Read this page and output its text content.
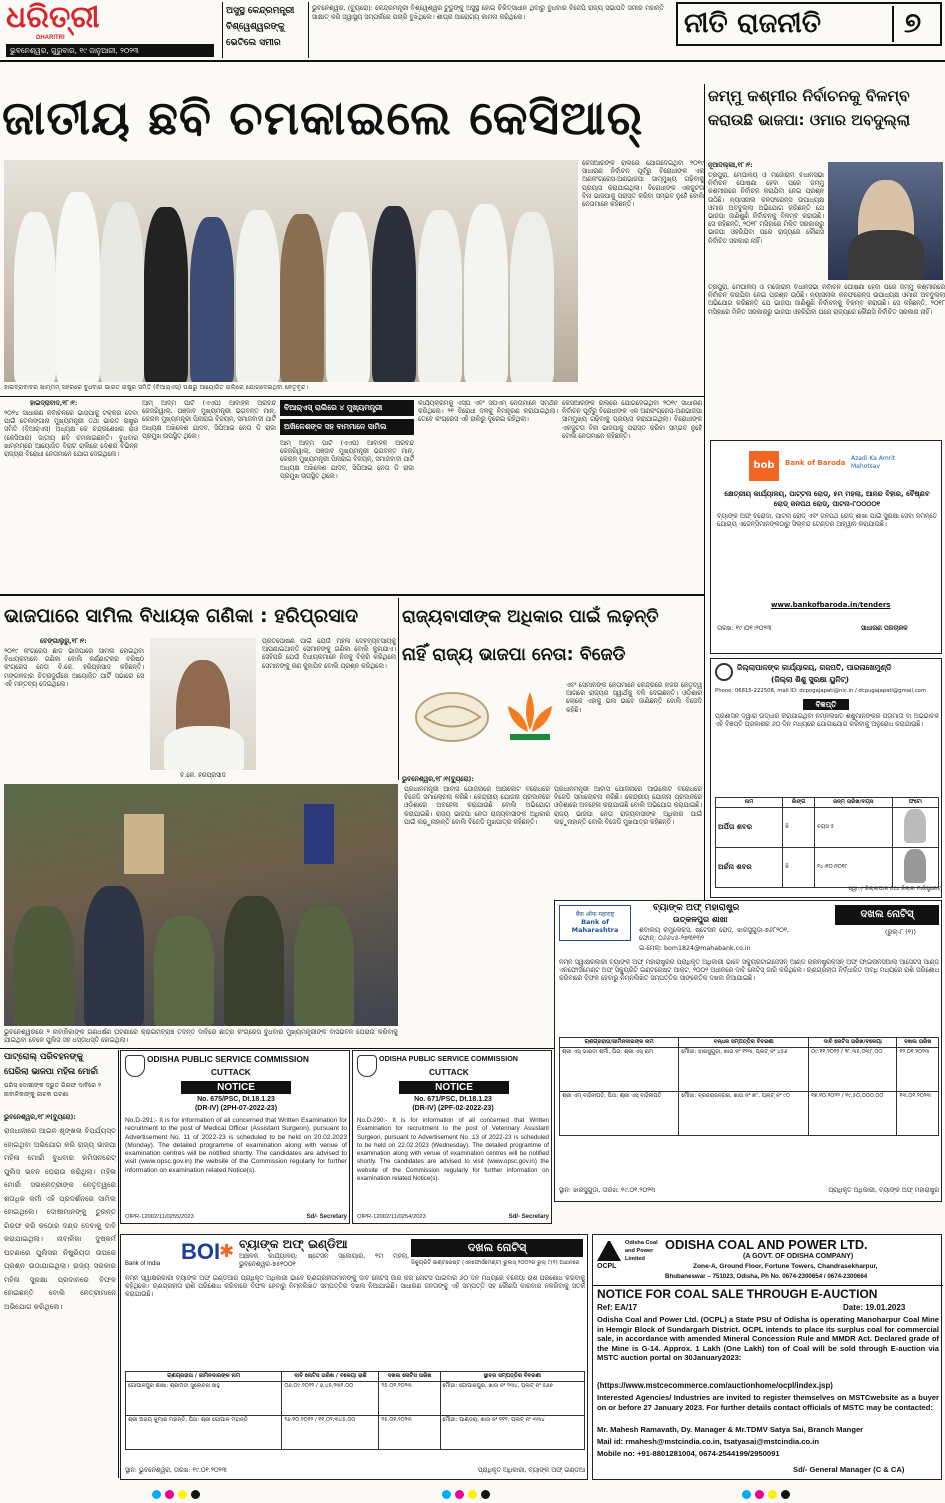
ଧରିତ୍ରୀ
DHARITRI
ଭୁବନେଶ୍ୱର, ଗୁରୁବାର, ୧୯ ଜାନୁଆରୀ, ୨୦୨୩
ଅସୁସ୍ଥ କେନ୍ଦ୍ରମନ୍ତ୍ରୀ
ବିଶ୍ୱେଶ୍ୱରଙ୍କୁ
ଭେଟିଲେ ସମୀର
ଭୁବନେଶ୍ୱର, (ବ୍ୟୁରୋ): କେନ୍ଦ୍ରମନ୍ତ୍ରୀ ବିଶ୍ୱେଶ୍ୱର ଟୁଡୁଙ୍କୁ ଅସୁସ୍ଥ ହୋଇ ଚିକିତ୍ସାଧୀନ ଥିବାରୁ ବୁଧବାର ବିଜେପି ରାଜ୍ୟ ସଭାପତି ସମୀର ମହାନ୍ତି ସାକ୍ଷାତ୍ କରି ସ୍ୱାସ୍ଥ୍ୟ ସମ୍ପର୍କରେ ପଚାରି ବୁଝିଥିଲେ। ଶୀଘ୍ର ଆରୋଗ୍ୟ କାମନା କରିଥିଲେ।	ନୀତି ରାଜନୀତି	୭
ଜାତୀୟ ଛବି ଚମକାଇଲେ କେସିଆର୍	ଜମ୍ମୁ କଶ୍ମୀର ନିର୍ବାଚନକୁ ବିଳମ୍ବ
କରାଉଛି ଭାଜପା: ଓମାର ଅବଦୁଲ୍ଲା
ନୂଆଦିଲ୍ଲୀ,୧୮।୧:
ତ୍ରିପୁରା, ମେଘାଳୟ ଓ ମିଜୋରାମ ବିଧାନସଭା ନିର୍ବାଚନ ଘୋଷଣା ହେବା ପରେ ଜମ୍ମୁ କଶ୍ମୀରରେ ନିର୍ବାଚନ କରାଯିବା ନେଇ ପ୍ରଶ୍ନ ଉଠିଛି। ନ୍ୟାସନାଲ କନଫରେନ୍ସ ଉପାଧ୍ୟକ୍ଷ ଓମାର ଅବଦୁଲ୍ଲା ଅଭିଯୋଗ କରିଛନ୍ତି ଯେ ଭାଜପା ଜାଣିଶୁଣି ନିର୍ବାଚନକୁ ବିଳମ୍ବ କରାଉଛି। ସେ କହିଛନ୍ତି, ୨୦୧୮ ମସିହାରେ ମିଳିତ ସରକାରରୁ ଭାଜପା ଓହରିଯିବା ପରେ ରାଜ୍ୟରେ କୌଣସି ନିର୍ବାଚିତ ସରକାର ନାହିଁ।
ତ୍ରିପୁରା, ମେଘାଳୟ ଓ ମିଜୋରାମ ବିଧାନସଭା ନିର୍ବାଚନ ଘୋଷଣା ହେବା ପରେ ଜମ୍ମୁ କଶ୍ମୀରରେ ନିର୍ବାଚନ କରାଯିବା ନେଇ ପ୍ରଶ୍ନ ଉଠିଛି। ନ୍ୟାସନାଲ କନଫରେନ୍ସ ଉପାଧ୍ୟକ୍ଷ ଓମାର ଅବଦୁଲ୍ଲା ଅଭିଯୋଗ କରିଛନ୍ତି ଯେ ଭାଜପା ଜାଣିଶୁଣି ନିର୍ବାଚନକୁ ବିଳମ୍ବ କରାଉଛି। ସେ କହିଛନ୍ତି, ୨୦୧୮ ମସିହାରେ ମିଳିତ ସରକାରରୁ ଭାଜପା ଓହରିଯିବା ପରେ ରାଜ୍ୟରେ କୌଣସି ନିର୍ବାଚିତ ସରକାର ନାହିଁ।
ହାଇଦ୍ରାବାଦର ଖାମ୍ମମ୍ ସହରରେ ବୁଧବାର ଭାରତ ରାଷ୍ଟ୍ର ସମିତି (ବିଆର୍‌ଏସ୍) ପକ୍ଷରୁ ଆୟୋଜିତ ରାଲିରେ ଯୋଗଦେଇଥିବା ନେତୃବୃନ୍ଦ।
କେସିଆରଙ୍କ ରାଲିରେ ଯୋଗଦେଇଥିବା ୨୦୧୯ ସାଧାରଣ ନିର୍ବାଚନ ପୂର୍ବରୁ ବିରୋଧୀଙ୍କ ଏକ ଅଣକଂଗ୍ରେସ-ଅଣଭାଜପା ସାମ୍ମୁଖ୍ୟ ଗଢ଼ିବାକୁ ପ୍ରୟାସ କରାଯାଇଥିଲା। ବିରୋଧୀଙ୍କ ଏକଜୁଟତା ବିନା ଭାଜପାକୁ ପରାସ୍ତ କରିବା ସମ୍ଭବ ନୁହେଁ ବୋଲି ନେତାମାନେ କହିଛନ୍ତି।
ହାଇଦ୍ରାବାଦ,୧୮।୧:
୨୦୨୪ ସାଧାରଣ ନିର୍ବାଚନରେ ଭାଜପାକୁ ଟକ୍କର ଦେବା ପାଇଁ ତେଲଙ୍ଗାନା ମୁଖ୍ୟମନ୍ତ୍ରୀ ତଥା ଭାରତ ରାଷ୍ଟ୍ର ସମିତି (ବିଆର୍‌ଏସ୍) ଅଧ୍ୟକ୍ଷ କେ ଚନ୍ଦ୍ରଶେଖର ରାଓ (କେସିଆର) ଜାତୀୟ ଛବି ଚମକାଇଛନ୍ତି। ବୁଧବାର ଖାମ୍ମମ୍‌ରେ ଆୟୋଜିତ ବିରାଟ ରାଲିରେ ଦେଶର ବିଭିନ୍ନ ରାଜ୍ୟର ବିରୋଧୀ ନେତାମାନେ ଯୋଗ ଦେଇଥିଲେ।
ଆମ୍‌ ଆଦ୍‌ମି ପାର୍ଟି (ଏଏପି) ଆବାହକ ଅରବିନ୍ଦ କେଜରିୱାଲ୍, ପଞ୍ଜାବ ମୁଖ୍ୟମନ୍ତ୍ରୀ ଭଗବନ୍ତ ମାନ୍, କେରଳ ମୁଖ୍ୟମନ୍ତ୍ରୀ ପିନାରାଇ ବିଜୟନ୍, ସମାଜବାଦୀ ପାର୍ଟି ଅଧ୍ୟକ୍ଷ ଅଖିଳେଶ ଯାଦବ, ସିପିଆଇ ନେତା ଡି ରାଜା ପ୍ରମୁଖ ଉପସ୍ଥିତ ଥିଲେ।
ବିଆର୍‌ଏସ୍ ରାଲିରେ ୪ ମୁଖ୍ୟମନ୍ତ୍ରୀ
ଅଖିଳେଶଙ୍କ ସହ ବାମମାନେ ସାମିଲ
ଆମ୍‌ ଆଦ୍‌ମି ପାର୍ଟି (ଏଏପି) ଆବାହକ ଅରବିନ୍ଦ କେଜରିୱାଲ୍, ପଞ୍ଜାବ ମୁଖ୍ୟମନ୍ତ୍ରୀ ଭଗବନ୍ତ ମାନ୍, କେରଳ ମୁଖ୍ୟମନ୍ତ୍ରୀ ପିନାରାଇ ବିଜୟନ୍, ସମାଜବାଦୀ ପାର୍ଟି ଅଧ୍ୟକ୍ଷ ଅଖିଳେଶ ଯାଦବ, ସିପିଆଇ ନେତା ଡି ରାଜା ପ୍ରମୁଖ ଉପସ୍ଥିତ ଥିଲେ।
କାର୍ଯ୍ୟକ୍ରମକୁ ଏସ୍‌ପି ଏବଂ ସିପିଏମ୍ ନେତାମାନେ ସମର୍ଥନ କରିଥିଲେ। ୨୧ ବିରୋଧୀ ଦଳକୁ ନିମନ୍ତ୍ରଣ କରାଯାଇଥିଲା। ତେବେ କଂଗ୍ରେସ ଏହି ରାଲିରୁ ଦୂରେଇ ରହିଥିଲା।
କେସିଆରଙ୍କ ରାଲିରେ ଯୋଗଦେଇଥିବା ୨୦୧୯ ସାଧାରଣ ନିର୍ବାଚନ ପୂର୍ବରୁ ବିରୋଧୀଙ୍କ ଏକ ଅଣକଂଗ୍ରେସ-ଅଣଭାଜପା ସାମ୍ମୁଖ୍ୟ ଗଢ଼ିବାକୁ ପ୍ରୟାସ କରାଯାଇଥିଲା। ବିରୋଧୀଙ୍କ ଏକଜୁଟତା ବିନା ଭାଜପାକୁ ପରାସ୍ତ କରିବା ସମ୍ଭବ ନୁହେଁ ବୋଲି ନେତାମାନେ କହିଛନ୍ତି।
bob	Bank of Baroda
Azadi Ka Amrit Mahotsav
କ୍ଷେତ୍ରୀୟ କାର୍ଯ୍ୟାଳୟ, ପାଟ୍ଟନା ରୋଡ୍, ୫ମ ମହଲା, ଆନନ୍ଦ ବିହାର, ବୈଷ୍ଣବ ରୋଡ୍ ଜନପଥ ରୋଡ୍, ପାଟନା-୮୦୦୦୦୧
ବ୍ୟାଙ୍କ ଅଫ୍ ବରୋଦା, ପାଟନା ରୋଡ୍ ଏବଂ ଜନପଥ ରୋଡ୍ ଶାଖା ପାଇଁ ସୁରକ୍ଷା ସେବା ନିମନ୍ତେ ଯୋଗ୍ୟ ଏଜେନ୍ସିମାନଙ୍କଠାରୁ ସିଲ୍‌ବନ୍ଦ ଟେଣ୍ଡର ଆହ୍ୱାନ କରାଯାଉଛି।
www.bankofbaroda.in/tenders
ତାରିଖ: ୧୯।୦୧।୨୦୨୩	ସାଧାରଣ ପରିଚାଳକ
ଜିଲ୍ଲାପାଳଙ୍କ କାର୍ଯ୍ୟାଳୟ, ଗଜପତି, ପାରଳାଖେମୁଣ୍ଡି
(ଜିଲ୍ଲା ଶିଶୁ ସୁରକ୍ଷା ୟୁନିଟ୍)
Phone: 06815-222508, mail ID: dcpogajapati@nic.in / dcpugajapati@gmail.com
ବିଜ୍ଞପ୍ତି
ପ୍ରଶାସନ ଦ୍ୱାରା ଉଦ୍ଧାର କରାଯାଇଥିବା ନିମ୍ନଲିଖିତ ଶିଶୁମାନଙ୍କର ପିତାମାତା ବା ଅଭିଭାବକ ଏହି ବିଜ୍ଞପ୍ତି ପ୍ରକାଶର ୬୦ ଦିନ ମଧ୍ୟରେ ଯୋଗାଯୋଗ କରିବାକୁ ଅନୁରୋଧ କରାଯାଉଛି।
ନାମ	ଲିଙ୍ଗ	ଜନ୍ମ ତାରିଖ/ବୟସ	ଫଟୋ
ଅର୍ପିତା ଶବର	ଝି	ବୟସ ୫	

ଅର୍ଚ୍ଚନା ଶବର	ଝି	୨୪।୧୦।୨୦୧୮	
ସ୍ୱା:-/ ଜିଲ୍ଲାପାଳ ତଥା ଜିଲ୍ଲା ମାଜିଷ୍ଟ୍ରେଟ୍
ଭାଜପାରେ ସାମିଲ ବିଧାୟକ ଗଣିକା : ହରିପ୍ରସାଦ
ବେଙ୍ଗାଲୁରୁ,୧୮।୧:
୨୦୧୯ କଂଗ୍ରେସ ଛାଡ଼ି ଭାଜପାରେ ସାମିଲ ହୋଇଥିବା ବିଧାୟକମାନେ ଗଣିକା ବୋଲି କର୍ଣ୍ଣାଟକର ବରିଷ୍ଠ କଂଗ୍ରେସ ନେତା ବି.କେ. ହରିପ୍ରସାଦ କହିଛନ୍ତି। ମଙ୍ଗଳବାର ଚିତ୍ରଦୁର୍ଗରେ ଆୟୋଜିତ ପାର୍ଟି ସଭାରେ ସେ ଏହି ମନ୍ତବ୍ୟ ଦେଇଥିଲେ।
ବି.କେ. ହରିପ୍ରସାଦ
ପ୍ରତିପୋଷଣ ପାଇଁ ଯେଉଁ ମହିଳା ଦେହବ୍ୟବସାୟକୁ ଆପଣାଇଥାନ୍ତି ସେମାନଙ୍କୁ ଗଣିକା ବୋଲି କୁହାଯାଏ। ସେହିପରି ଯେଉଁ ବିଧାୟକମାନେ ନିଜକୁ ବିକ୍ରି କରିଥିଲେ ସେମାନଙ୍କୁ କଣ କୁହାଯିବ ବୋଲି ପ୍ରଶ୍ନ କରିଥିଲେ।
ରାଜ୍ୟବାସୀଙ୍କ ଅଧିକାର ପାଇଁ ଲଢ଼ନ୍ତି
ନାହିଁ ରାଜ୍ୟ ଭାଜପା ନେତା: ବିଜେଡି
ଏବଂ ସେମାନଙ୍କ ନେତାମାନେ କେନ୍ଦ୍ରରେ ନିଜର ନେତୃତ୍ୱ ଆଗରେ ରାଜ୍ୟର ସ୍ୱାର୍ଥକୁ ବଳି ଦେଇଛନ୍ତି। ଓଡ଼ିଶାର ଲୋକେ ଏହାକୁ ଭଲ ଭାବେ ଜାଣିଛନ୍ତି ବୋଲି ବିଜେଡି କହିଛି।
ଭୁବନେଶ୍ୱର,୧୮।୧(ବ୍ୟୁରୋ):
ଭୁବନେଶ୍ୱରରେ ୨ ନାବାଳିକାଙ୍କ ଗଣଧର୍ଷଣ ଘଟଣାରେ କ୍ରାଇମବ୍ରାଞ୍ଚ ତଦନ୍ତ ଦାବିରେ ଛାତ୍ର କଂଗ୍ରେସ ବୁଧବାର ମୁଖ୍ୟମନ୍ତ୍ରୀଙ୍କ ବାସଭବନ ଘେରାଉ କରିବାକୁ ଯାଇଥିବା ବେଳେ ପୁଲିସ ସହ ଧସ୍ତାଧସ୍ତି ହୋଇଥିଲା।
ପ୍ରଧାନମନ୍ତ୍ରୀ ଆବାସ ଯୋଜନାରେ ଆଉକୋଟି ବିରୋଧରେ ବିଜେଡି ସମାଲୋଚନା କରିଛି। କେନ୍ଦ୍ରୀୟ ଯୋଜନା ପ୍ରଦାନରେ ଓଡ଼ିଶାରେ ଅବହେଳା କରାଯାଉଛି ବୋଲି ଅଭିଯୋଗ କରାଯାଇଛି। ରାଜ୍ୟ ଭାଜପା ନେତା ରାଜ୍ୟବାସୀଙ୍କ ଅଧିକାର ପାଇଁ ଲଢ଼ୁନାହାନ୍ତି ବୋଲି ବିଜେଡି ମୁଖପାତ୍ର କହିଛନ୍ତି।
ପ୍ରଧାନମନ୍ତ୍ରୀ ଆବାସ ଯୋଜନାରେ ଆଉକୋଟି ବିରୋଧରେ ବିଜେଡି ସମାଲୋଚନା କରିଛି। କେନ୍ଦ୍ରୀୟ ଯୋଜନା ପ୍ରଦାନରେ ଓଡ଼ିଶାରେ ଅବହେଳା କରାଯାଉଛି ବୋଲି ଅଭିଯୋଗ କରାଯାଇଛି। ରାଜ୍ୟ ଭାଜପା ନେତା ରାଜ୍ୟବାସୀଙ୍କ ଅଧିକାର ପାଇଁ ଲଢ଼ୁନାହାନ୍ତି ବୋଲି ବିଜେଡି ମୁଖପାତ୍ର କହିଛନ୍ତି।
बैंक ऑफ महाराष्ट्र
Bank of Maharashtra
ବ୍ୟାଙ୍କ ଅଫ୍ ମହାରାଷ୍ଟ୍ର
ଉତ୍କଳପୁର ଶାଖା
ଶିବାଲୟ କମ୍ପ୍ଲେକ୍ସ, ଷ୍ଟେସନ ରୋଡ୍, ଝାରସୁଗୁଡ଼ା-୭୬୮୨୦୧, ଫୋନ୍: ୦୬୬୪୫-୨୭୩୧୩୨
ଇ-ମେଲ୍: bom1824@mahabank.co.in
ଦଖଲ ନୋଟିସ୍
(ରୁଲ୍-୮ (୧))
ନିମ୍ନ ସ୍ୱାକ୍ଷରକାରୀ ବ୍ୟାଙ୍କ ଅଫ୍ ମହାରାଷ୍ଟ୍ରର ପ୍ରାଧିକୃତ ଅଧିକାରୀ ଭାବେ ସିକ୍ୟୁରିଟାଇଜେସନ୍ ଆଣ୍ଡ ରିକନଷ୍ଟ୍ରକ୍ସନ୍ ଅଫ୍ ଫାଇନାନସିଆଲ୍ ଆସେଟସ୍ ଆଣ୍ଡ ଏନଫୋର୍ସମେଣ୍ଟ ଅଫ୍ ସିକ୍ୟୁରିଟି ଇଣ୍ଟରେଷ୍ଟ ଆକ୍ଟ, ୨୦୦୨ ଅଧୀନରେ ଦାବି ନୋଟିସ୍ ଜାରି କରିଥିଲେ। ଋଣଗ୍ରହୀତା ନିର୍ଦ୍ଧାରିତ ଅବଧି ମଧ୍ୟରେ ରାଶି ପରିଶୋଧ କରିବାରେ ବିଫଳ ହେବାରୁ ନିମ୍ନଲିଖିତ ସମ୍ପତ୍ତିର ସାଙ୍କେତିକ ଦଖଲ ନିଆଯାଇଛି।
ଋଣଗ୍ରହୀତା/ଜାମିନଦାରଙ୍କ ନାମ	ବନ୍ଧକ ସମ୍ପତ୍ତିର ବିବରଣୀ	ଦାବି ନୋଟିସ ତାରିଖ/ବକେୟା	ଦଖଲ ତାରିଖ
ଶ୍ରୀ ଏସ୍ ଭାରତୀ ଶର୍ମା, ପିତା: ଶ୍ରୀ ଏସ୍ ରାମ	ମୌଜା: ଝାରସୁଗୁଡ଼ା, ଖାତା ନଂ ୧୨୩, ପ୍ଲଟ୍ ନଂ ୪୫୬	୦୯.୧୧.୨୦୨୨ / ୨୮,୩୫,୦୩୮.୦୦	୧୨.୦୧.୨୦୨୩
ଶ୍ରୀ ଏମ୍ ବାହିନୀପତି, ପିତା: ଶ୍ରୀ ଏସ୍ ବାହିନୀପତି	ମୌଜା: ବ୍ରଜରାଜନଗର, ଖାତା ନଂ ୭୮, ପ୍ଲଟ୍ ନଂ ୯୦	୧୭.୧୦.୨୦୨୨ / ୧୯,୫୦,୦୦୦.୦୦	୧୩.୦୧.୨୦୨୩
ସ୍ଥାନ: ଝାରସୁଗୁଡ଼ା, ତାରିଖ: ୧୯.୦୧.୨୦୨୩	ପ୍ରାଧିକୃତ ଅଧିକାରୀ, ବ୍ୟାଙ୍କ ଅଫ୍ ମହାରାଷ୍ଟ୍ର
ପାଟ୍ରୋଲ୍ ପରିବହନଙ୍କୁ
ଘେରିଲା ଭାଜପା ମହିଳା ମୋର୍ଚ୍ଚା
ପରିସ ଦୋଷୀଙ୍କ ଦ୍ରୁତ ଗିରଫ ଦାବିରେ ୨ ନାବାଳିକାଙ୍କୁ ଜୀଚକ ଘଟଣା
ଭୁବନେଶ୍ୱର,୧୮।୧(ବ୍ୟୁରୋ):
ରାଜଧାନୀରେ ଆଇନ ଶୃଙ୍ଖଳା ବିପର୍ଯ୍ୟସ୍ତ ହୋଇଥିବା ଅଭିଯୋଗ କରି ରାଜ୍ୟ ଭାଜପା ମହିଳା ମୋର୍ଚ୍ଚା ବୁଧବାର କମିସନରେଟ୍ ପୁଲିସ ଭବନ ଘେରାଉ କରିଥିଲା। ମହିଳା ମୋର୍ଚ୍ଚା ସଭାନେତ୍ରୀଙ୍କ ନେତୃତ୍ୱରେ ଶତାଧିକ କର୍ମୀ ଏହି ପ୍ରଦର୍ଶନରେ ସାମିଲ ହୋଇଥିଲେ। ଦୋଷୀମାନଙ୍କୁ ତୁରନ୍ତ ଗିରଫ କରି କଠୋର ଦଣ୍ଡ ଦେବାକୁ ଦାବି କରାଯାଇଥିଲା। ନାବାଳିକା ଦୁଷ୍କର୍ମ ଘଟଣାରେ ପୁଲିସର ନିଷ୍କ୍ରିୟତା ଉପରେ ପ୍ରଶ୍ନ ଉଠାଯାଇଥିଲା। ରାଜ୍ୟ ସରକାର ମହିଳା ସୁରକ୍ଷା ପ୍ରଦାନରେ ବିଫଳ ହୋଇଛନ୍ତି ବୋଲି ନେତ୍ରୀମାନେ ଅଭିଯୋଗ କରିଥିଲେ।
ODISHA PUBLIC SERVICE COMMISSION
CUTTACK
NOTICE
No. 675/PSC, Dt.18.1.23
(DR-IV) (2PH-07-2022-23)
No.D-291:- It is for information of all concerned that Written Examination for recruitment to the post of Medical Officer (Assistant Surgeon), pursuant to Advertisement No. 11 of 2022-23 is scheduled to be held on 20.02.2023 (Monday). The detailed programme of examination along with venue of examination centres will be notified shortly. The candidates are advised to visit (www.opsc.gov.in) the website of the Commission regularly for further information on examination related Notice(s).
OIPR-12002/11/0255/2023	Sd/- Secretary
ODISHA PUBLIC SERVICE COMMISSION
CUTTACK
NOTICE
No. 671/PSC, Dt.18.1.23
(DR-IV) (2PF-02-2022-23)
No.D-290:- It is for information of all concerned that Written Examination for recruitment to the post of Veterinary Assistant Surgeon, pursuant to Advertisement No. 13 of 2022-23 is scheduled to be held on 22.02.2023 (Wednesday). The detailed programme of examination along with venue of examination centres will be notified shortly. The candidates are advised to visit (www.opsc.gov.in) the website of the Commission regularly for further information on examination related Notice(s).
OIPR-12002/11/0254/2023	Sd/- Secretary
BOI
✱
Bank of India
ବ୍ୟାଙ୍କ ଅଫ୍ ଇଣ୍ଡିଆ
ଆଞ୍ଚଳିକ କାର୍ଯ୍ୟାଳୟ: ଷ୍ଟେସନ ସ୍କୋୟାର, ୧ମ ମହଲା, ଭୁବନେଶ୍ୱର-୭୫୧୦୦୧
ଦଖଲ ନୋଟିସ୍
ସିକ୍ୟୁରିଟି ଇଣ୍ଟରେଷ୍ଟ (ଏନଫୋର୍ସମେଣ୍ଟ) ରୁଲସ୍ ୨୦୦୨ର ରୁଲ୍ ୮(୧) ଅଧୀନରେ
ନିମ୍ନ ସ୍ୱାକ୍ଷରକାରୀ ବ୍ୟାଙ୍କ ଅଫ୍ ଇଣ୍ଡିଆର ପ୍ରାଧିକୃତ ଅଧିକାରୀ ଭାବେ ଋଣଗ୍ରହୀତାମାନଙ୍କୁ ଦାବି ନୋଟିସ୍ ଜାରି କରି ନୋଟିସ ପାଇବାର ୬୦ ଦିନ ମଧ୍ୟରେ ବକେୟା ରାଶି ପରିଶୋଧ କରିବାକୁ କହିଥିଲେ। ଋଣଗ୍ରହୀତା ରାଶି ପରିଶୋଧ କରିବାରେ ବିଫଳ ହେବାରୁ ନିମ୍ନଲିଖିତ ସମ୍ପତ୍ତିର ଦଖଲ ନିଆଯାଇଛି। ସାଧାରଣ ଜନତାଙ୍କୁ ଏହି ସମ୍ପତ୍ତି ସହ କୌଣସି କାରବାର ନକରିବାକୁ ସତର୍କ କରାଯାଉଛି।
ଋଣଗ୍ରହୀତା / ଜାମିନଦାରଙ୍କ ନାମ	ଦାବି ନୋଟିସ ତାରିଖ / ବକେୟା ରାଶି	ଦଖଲ ନୋଟିସ ତାରିଖ	ସ୍ଥାବର ସମ୍ପତ୍ତିର ବିବରଣୀ
ଗୋପାଳପୁର ଶାଖା: ଶ୍ରୀମତୀ ସୁଲୋଚନା ସାହୁ	୦୬.୦୯.୨୦୨୨ / ୬,୪୫,୨୩୧.୦୦	୨୫.୦୧.୨୦୨୩	ମୌଜା: ଗୋପାଳପୁର, ଖାତା ନଂ ୨୩୪, ପ୍ଲଟ୍ ନଂ ୫୬୭
ଶ୍ରୀ ଅଜୟ କୁମାର ମହାନ୍ତି, ପିତା: ଶ୍ରୀ ଗୋପାଳ ମହାନ୍ତି	୨୬.୧୦.୨୦୨୨ / ୧୧,୦୨,୩୪୫.୦୦	୨୫.୦୧.୨୦୨୩	ମୌଜା: ପାଣ୍ଡରା, ଖାତା ନଂ ୧୧୨, ପ୍ଲଟ୍ ନଂ ୩୩୪
ସ୍ଥାନ: ଭୁବନେଶ୍ୱର, ତାରିଖ: ୧୯.୦୧.୨୦୨୩	ପ୍ରାଧିକୃତ ଅଧିକାରୀ, ବ୍ୟାଙ୍କ ଅଫ୍ ଇଣ୍ଡିଆ
OCPL
Odisha Coal and Power Limited
ODISHA COAL AND POWER LTD.
(A GOVT. OF ODISHA COMPANY)
Zone-A, Ground Floor, Fortune Towers, Chandrasekharpur,
Bhubaneswar – 751023, Odisha, Ph No. 0674-2300654 / 0674-2300664
NOTICE FOR COAL SALE THROUGH E-AUCTION
Ref: EA/17	Date: 19.01.2023
Odisha Coal and Power Ltd. (OCPL) a State PSU of Odisha is operating Manoharpur Coal Mine in Hemgir Block of Sundargarh District. OCPL intends to place its surplus coal for commercial sale, in accordance with amended Mineral Concession Rule and MMDR Act. Declared grade of the Mine is G-14. Approx. 1 Lakh (One Lakh) ton of Coal will be sold through E-auction via MSTC auction portal on 30January2023:
(https://www.mstcecommerce.com/auctionhome/ocpl/index.jsp)
Interested Agencies/ Industries are invited to register themselves on MSTCwebsite as a buyer on or before 27 January 2023. For further details contact officials of MSTC may be contacted:
Mr. Mahesh Ramavath, Dy. Manager & Mr.TDMV Satya Sai, Branch Manger
Mail id: rmahesh@mstcindia.co.in, tsatyasai@mstcindia.co.in
Mobile no: +91-8801281004, 0674-2544199/2950091
Sd/- General Manager (C & CA)
